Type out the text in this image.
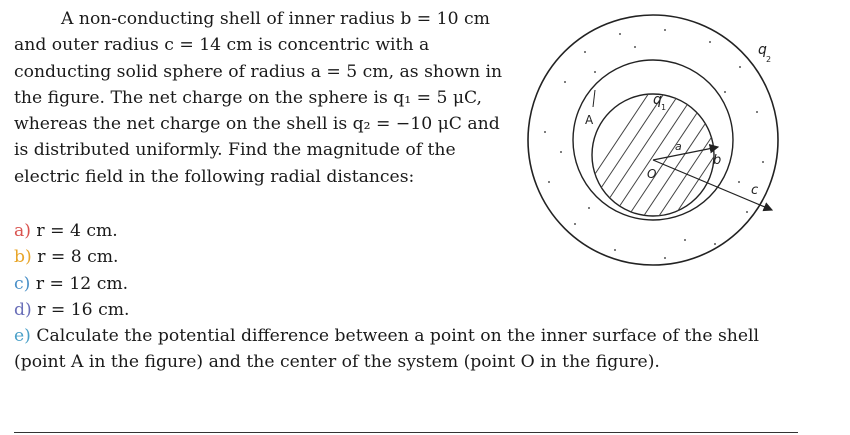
A non-conducting shell of inner radius b = 10 cm
and outer radius c = 14 cm is concentric with a
conducting solid sphere of radius a = 5 cm, as shown in
the figure. The net charge on the sphere is q₁ = 5 μC,
whereas the net charge on the shell is q₂ = −10 μC and
is distributed uniformly. Find the magnitude of the
electric field in the following radial distances:
a) r = 4 cm.
b) r = 8 cm.
c) r = 12 cm.
d) r = 16 cm.
e) Calculate the potential difference between a point on the inner surface of the shell
(point A in the figure) and the center of the system (point O in the figure).
A
O
a
b
c
q 1
q
2
